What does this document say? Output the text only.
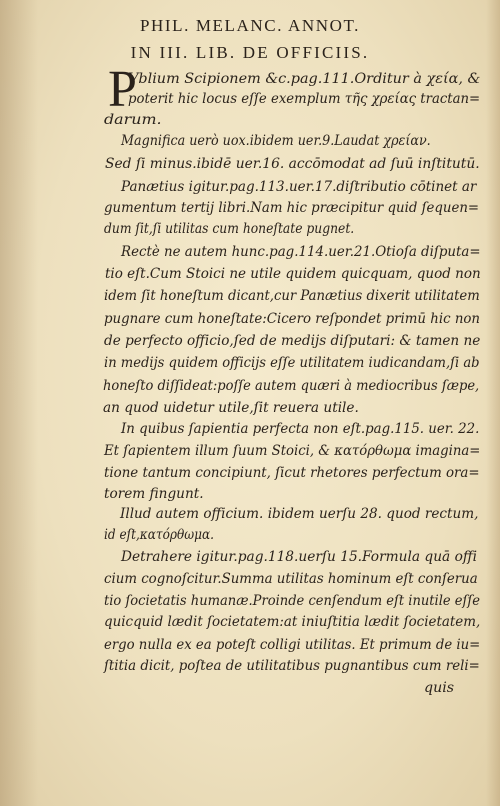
PHIL. MELANC. ANNOT.
IN III. LIB. DE OFFICIIS.
P
Vblium Scipionem &c.pag.111.Orditur à χεία, &
poterit hic locus eſſe exemplum τῆς χρείας tractan=
darum.
Magnifica uerò uox.ibidem uer.9.Laudat χρείαν.
Sed ſi minus.ibidē uer.16. accōmodat ad ſuū inſtitutū.
Panætius igitur.pag.113.uer.17.diſtributio cōtinet ar
gumentum tertij libri.Nam hic præcipitur quid ſequen=
dum ſit,ſi utilitas cum honeſtate pugnet.
Rectè ne autem hunc.pag.114.uer.21.Otioſa diſputa=
tio eſt.Cum Stoici ne utile quidem quicquam, quod non
idem ſit honeſtum dicant,cur Panætius dixerit utilitatem
pugnare cum honeſtate:Cicero reſpondet primū hic non
de perfecto officio,ſed de medijs diſputari: & tamen ne
in medijs quidem officijs eſſe utilitatem iudicandam,ſi ab
honeſto diſſideat:poſſe autem quæri à mediocribus ſæpe,
an quod uidetur utile,ſit reuera utile.
In quibus ſapientia perfecta non eſt.pag.115. uer. 22.
Et ſapientem illum ſuum Stoici, & κατόρθωμα imagina=
tione tantum concipiunt, ſicut rhetores perfectum ora=
torem fingunt.
Illud autem officium. ibidem uerſu 28. quod rectum,
id eſt,κατόρθωμα.
Detrahere igitur.pag.118.uerſu 15.Formula quā offi
cium cognoſcitur.Summa utilitas hominum eſt conſerua
tio ſocietatis humanæ.Proinde cenſendum eſt inutile eſſe
quicquid lædit ſocietatem:at iniuſtitia lædit ſocietatem,
ergo nulla ex ea poteſt colligi utilitas. Et primum de iu=
ſtitia dicit, poſtea de utilitatibus pugnantibus cum reli=
quis
